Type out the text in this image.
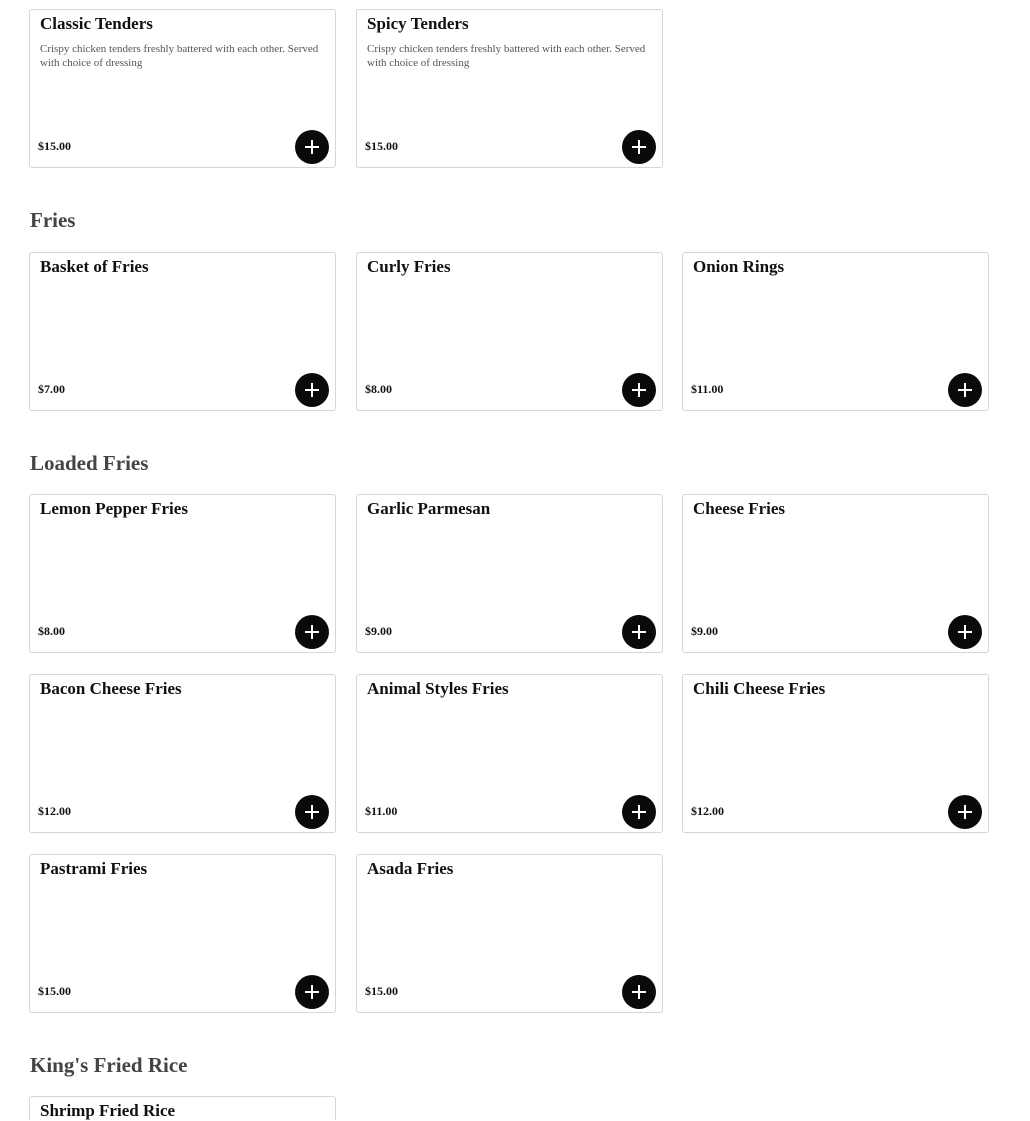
Classic Tenders
Crispy chicken tenders freshly battered with each other. Served with choice of dressing
$15.00
Spicy Tenders
Crispy chicken tenders freshly battered with each other. Served with choice of dressing
$15.00
Fries
Basket of Fries
$7.00
Curly Fries
$8.00
Onion Rings
$11.00
Loaded Fries
Lemon Pepper Fries
$8.00
Garlic Parmesan
$9.00
Cheese Fries
$9.00
Bacon Cheese Fries
$12.00
Animal Styles Fries
$11.00
Chili Cheese Fries
$12.00
Pastrami Fries
$15.00
Asada Fries
$15.00
King's Fried Rice
Shrimp Fried Rice
